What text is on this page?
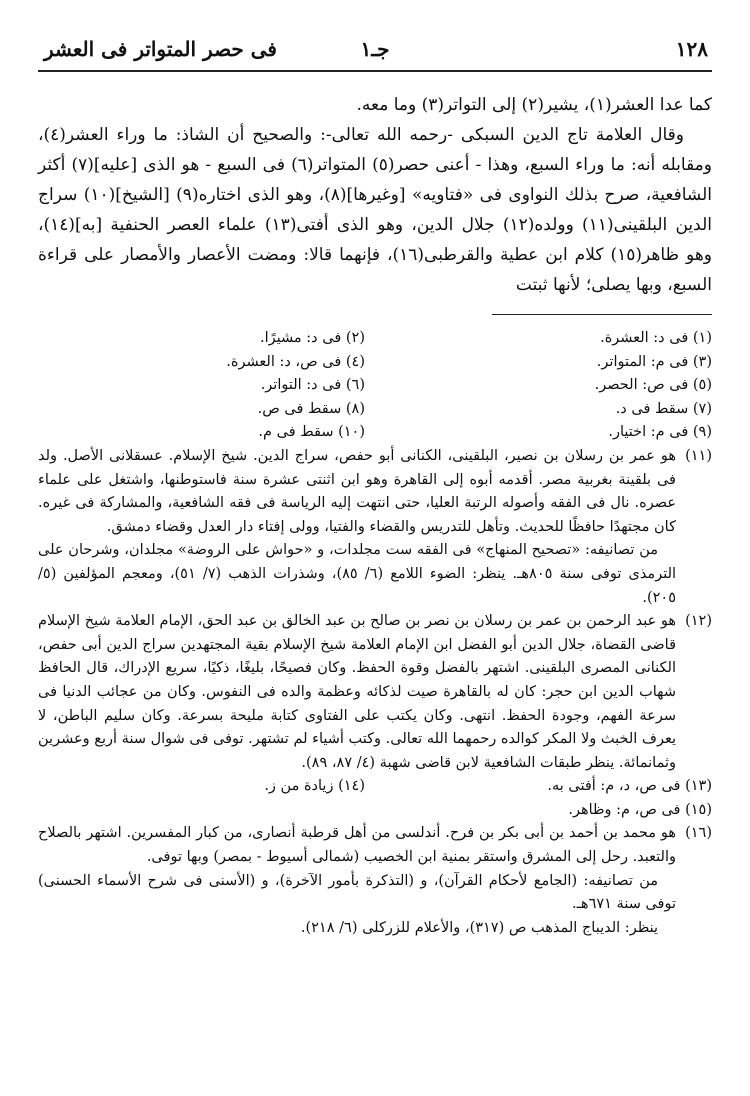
١٢٨
جـ١
فى حصر المتواتر فى العشر

كما عدا العشر(١)، يشير(٢) إلى التواتر(٣) وما معه.

وقال العلامة تاج الدين السبكى -رحمه الله تعالى-: والصحيح أن الشاذ: ما وراء العشر(٤)، ومقابله أنه: ما وراء السبع، وهذا - أعنى حصر(٥) المتواتر(٦) فى السبع - هو الذى [عليه](٧) أكثر الشافعية، صرح بذلك النواوى فى «فتاويه» [وغيرها](٨)، وهو الذى اختاره(٩) [الشيخ](١٠) سراج الدين البلقينى(١١) وولده(١٢) جلال الدين، وهو الذى أفتى(١٣) علماء العصر الحنفية [به](١٤)، وهو ظاهر(١٥) كلام ابن عطية والقرطبى(١٦)، فإنهما قالا: ومضت الأعصار والأمصار على قراءة السبع، وبها يصلى؛ لأنها ثبتت

(١) فى د: العشرة.
(٢) فى د: مشيرًا.
(٣) فى م: المتواتر.
(٤) فى ص، د: العشرة.
(٥) فى ص: الحصر.
(٦) فى د: التواتر.
(٧) سقط فى د.
(٨) سقط فى ص.
(٩) فى م: اختيار.
(١٠) سقط فى م.
(١١)

هو عمر بن رسلان بن نصير، البلقينى، الكنانى أبو حفص، سراج الدين. شيخ الإسلام. عسقلانى الأصل. ولد فى بلقينة بغربية مصر. أقدمه أبوه إلى القاهرة وهو ابن اثنتى عشرة سنة فاستوطنها، واشتغل على علماء عصره. نال فى الفقه وأصوله الرتبة العليا، حتى انتهت إليه الرياسة فى فقه الشافعية، والمشاركة فى غيره. كان مجتهدًا حافظًا للحديث. وتأهل للتدريس والقضاء والفتيا، وولى إفتاء دار العدل وقضاء دمشق.

من تصانيفه: «تصحيح المنهاج» فى الفقه ست مجلدات، و «حواش على الروضة» مجلدان، وشرحان على الترمذى توفى سنة ٨٠٥هـ. ينظر: الضوء اللامع (٦/ ٨٥)، وشذرات الذهب (٧/ ٥١)، ومعجم المؤلفين (٥/ ٢٠٥).

(١٢)

هو عبد الرحمن بن عمر بن رسلان بن نصر بن صالح بن عبد الخالق بن عبد الحق، الإمام العلامة شيخ الإسلام قاضى القضاة، جلال الدين أبو الفضل ابن الإمام العلامة شيخ الإسلام بقية المجتهدين سراج الدين أبى حفص، الكنانى المصرى البلقينى. اشتهر بالفضل وقوة الحفظ. وكان فصيحًا، بليغًا، ذكيًا، سريع الإدراك، قال الحافظ شهاب الدين ابن حجر: كان له بالقاهرة صيت لذكائه وعظمة والده فى النفوس. وكان من عجائب الدنيا فى سرعة الفهم، وجودة الحفظ. انتهى. وكان يكتب على الفتاوى كتابة مليحة بسرعة. وكان سليم الباطن، لا يعرف الخبث ولا المكر كوالده رحمهما الله تعالى. وكتب أشياء لم تشتهر. توفى فى شوال سنة أربع وعشرين وثمانمائة. ينظر طبقات الشافعية لابن قاضى شهبة (٤/ ٨٧، ٨٩).

(١٣) فى ص، د، م: أفتى به.
(١٤) زيادة من ز.
(١٥) فى ص، م: وظاهر.
(١٦)

هو محمد بن أحمد بن أبى بكر بن فرح. أندلسى من أهل قرطبة أنصارى، من كبار المفسرين. اشتهر بالصلاح والتعبد. رحل إلى المشرق واستقر بمنية ابن الخصيب (شمالى أسيوط - بمصر) وبها توفى.

من تصانيفه: (الجامع لأحكام القرآن)، و (التذكرة بأمور الآخرة)، و (الأسنى فى شرح الأسماء الحسنى) توفى سنة ٦٧١هـ.

ينظر: الديباج المذهب ص (٣١٧)، والأعلام للزركلى (٦/ ٢١٨).
